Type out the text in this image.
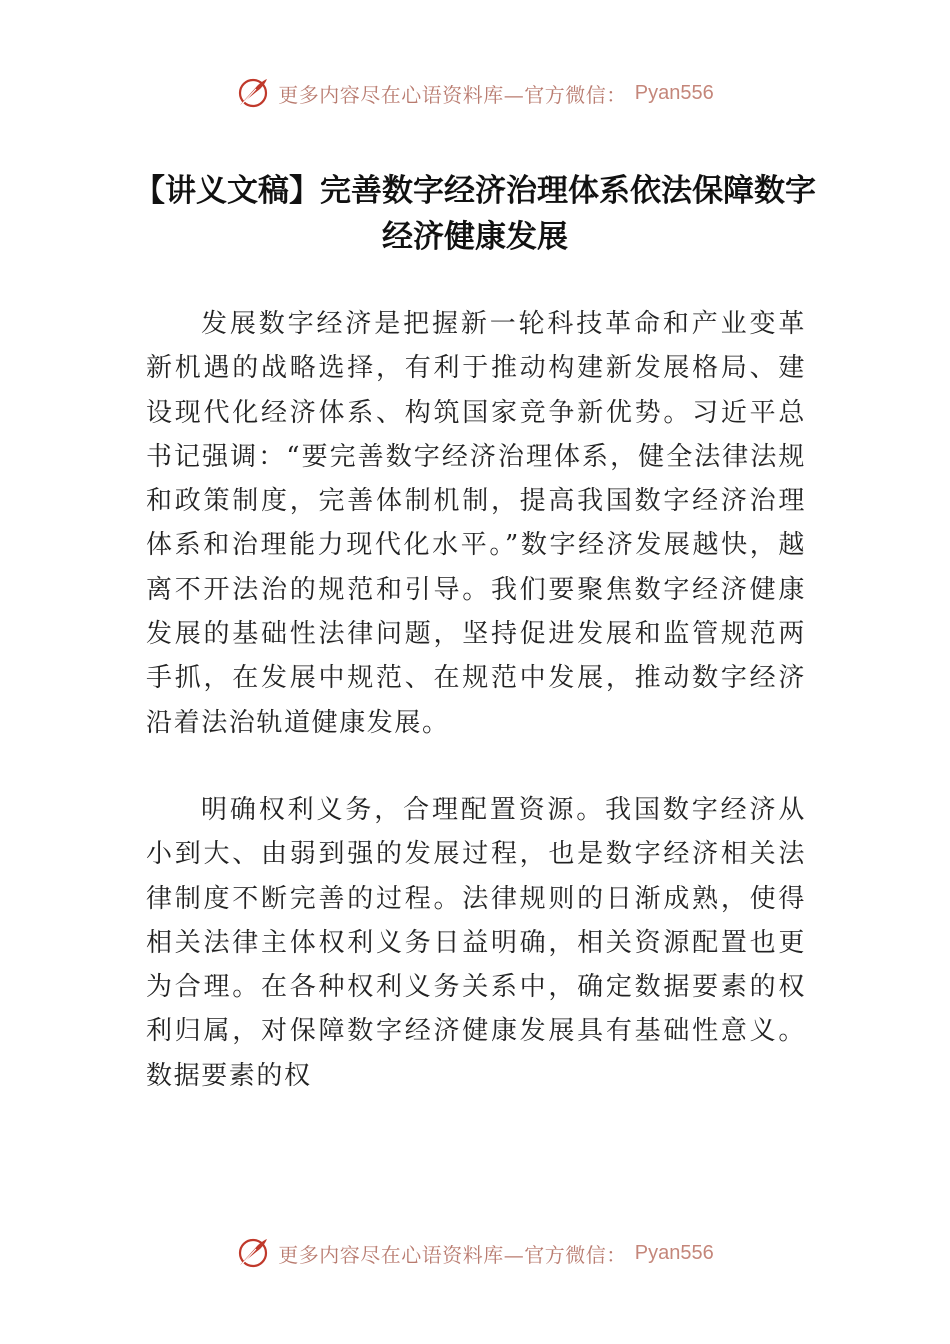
更多内容尽在心语资料库—官方微信： Pyan556
【讲义文稿】完善数字经济治理体系依法保障数字经济健康发展

发展数字经济是把握新一轮科技革命和产业变革新机遇的战略选择，有利于推动构建新发展格局、建设现代化经济体系、构筑国家竞争新优势。习近平总书记强调：“要完善数字经济治理体系，健全法律法规和政策制度，完善体制机制，提高我国数字经济治理体系和治理能力现代化水平。”数字经济发展越快，越离不开法治的规范和引导。我们要聚焦数字经济健康发展的基础性法律问题，坚持促进发展和监管规范两手抓，在发展中规范、在规范中发展，推动数字经济沿着法治轨道健康发展。

明确权利义务，合理配置资源。我国数字经济从小到大、由弱到强的发展过程，也是数字经济相关法律制度不断完善的过程。法律规则的日渐成熟，使得相关法律主体权利义务日益明确，相关资源配置也更为合理。在各种权利义务关系中，确定数据要素的权利归属，对保障数字经济健康发展具有基础性意义。数据要素的权

更多内容尽在心语资料库—官方微信： Pyan556
